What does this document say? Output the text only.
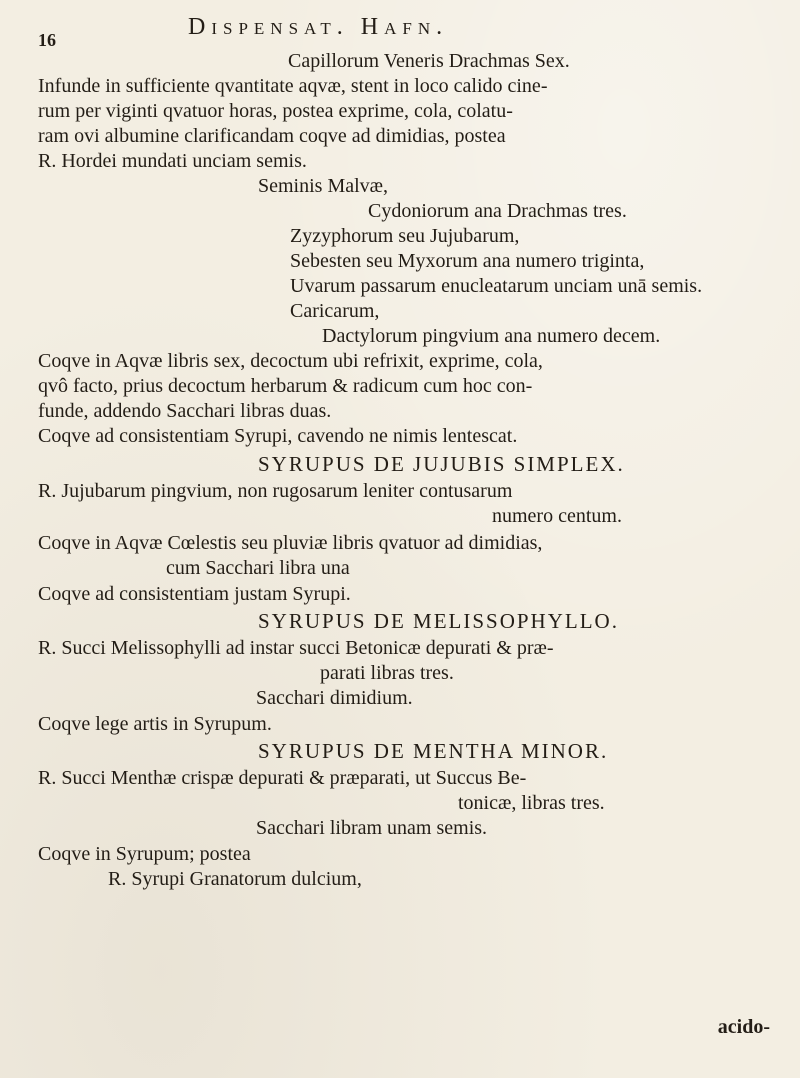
16	Dispensat. Hafn.
Capillorum Veneris Drachmas Sex.
Infunde in sufficiente qvantitate aqvæ, stent in loco calido cine-
rum per viginti qvatuor horas, postea exprime, cola, colatu-
ram ovi albumine clarificandam coqve ad dimidias, postea
R. Hordei mundati unciam semis.
Seminis Malvæ,
Cydoniorum ana Drachmas tres.
Zyzyphorum seu Jujubarum,
Sebesten seu Myxorum ana numero triginta,
Uvarum passarum enucleatarum unciam unā semis.
Caricarum,
Dactylorum pingvium ana numero decem.
Coqve in Aqvæ libris sex, decoctum ubi refrixit, exprime, cola,
qvô facto, prius decoctum herbarum & radicum cum hoc con-
funde, addendo Sacchari libras duas.
Coqve ad consistentiam Syrupi, cavendo ne nimis lentescat.
SYRUPUS DE JUJUBIS SIMPLEX.
R. Jujubarum pingvium, non rugosarum leniter contusarum
numero centum.
Coqve in Aqvæ Cœlestis seu pluviæ libris qvatuor ad dimidias,
cum Sacchari libra una
Coqve ad consistentiam justam Syrupi.
SYRUPUS DE MELISSOPHYLLO.
R. Succi Melissophylli ad instar succi Betonicæ depurati & præ-
parati libras tres.
Sacchari dimidium.
Coqve lege artis in Syrupum.
SYRUPUS DE MENTHA MINOR.
R. Succi Menthæ crispæ depurati & præparati, ut Succus Be-
tonicæ, libras tres.
Sacchari libram unam semis.
Coqve in Syrupum; postea
R. Syrupi Granatorum dulcium,
acido-
